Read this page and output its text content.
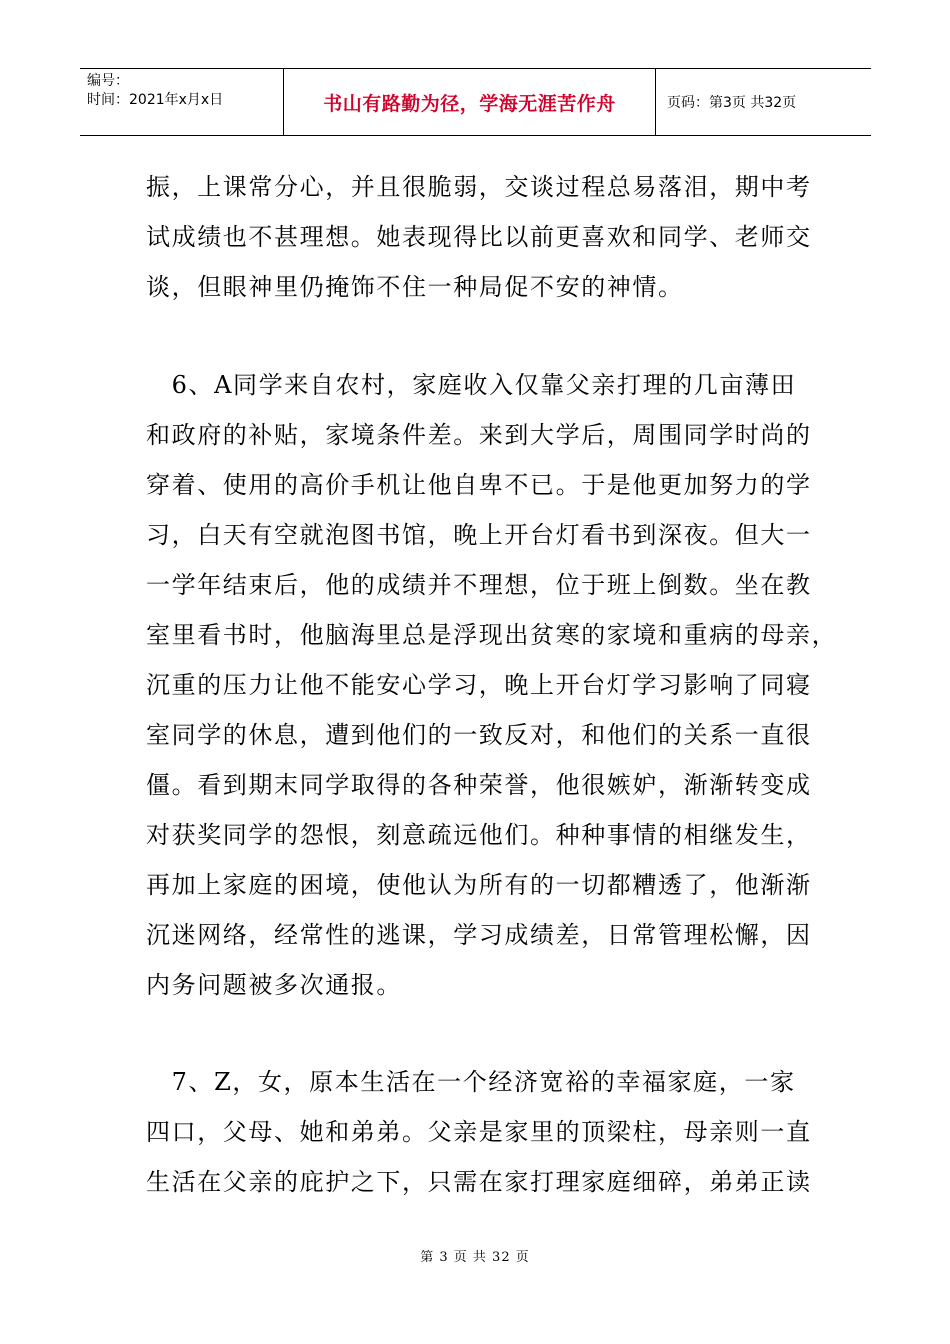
编号：
时间：2021年x月x日	书山有路勤为径，学海无涯苦作舟	页码：第3页 共32页

振，上课常分心，并且很脆弱，交谈过程总易落泪，期中考

试成绩也不甚理想。她表现得比以前更喜欢和同学、老师交

谈，但眼神里仍掩饰不住一种局促不安的神情。

　6、A同学来自农村，家庭收入仅靠父亲打理的几亩薄田

和政府的补贴，家境条件差。来到大学后，周围同学时尚的

穿着、使用的高价手机让他自卑不已。于是他更加努力的学

习，白天有空就泡图书馆，晚上开台灯看书到深夜。但大一

一学年结束后，他的成绩并不理想，位于班上倒数。坐在教

室里看书时，他脑海里总是浮现出贫寒的家境和重病的母亲，

沉重的压力让他不能安心学习，晚上开台灯学习影响了同寝

室同学的休息，遭到他们的一致反对，和他们的关系一直很

僵。看到期末同学取得的各种荣誉，他很嫉妒，渐渐转变成

对获奖同学的怨恨，刻意疏远他们。种种事情的相继发生，

再加上家庭的困境，使他认为所有的一切都糟透了，他渐渐

沉迷网络，经常性的逃课，学习成绩差，日常管理松懈，因

内务问题被多次通报。

　7、Z，女，原本生活在一个经济宽裕的幸福家庭，一家

四口，父母、她和弟弟。父亲是家里的顶梁柱，母亲则一直

生活在父亲的庇护之下，只需在家打理家庭细碎，弟弟正读

第 3 页 共 32 页
